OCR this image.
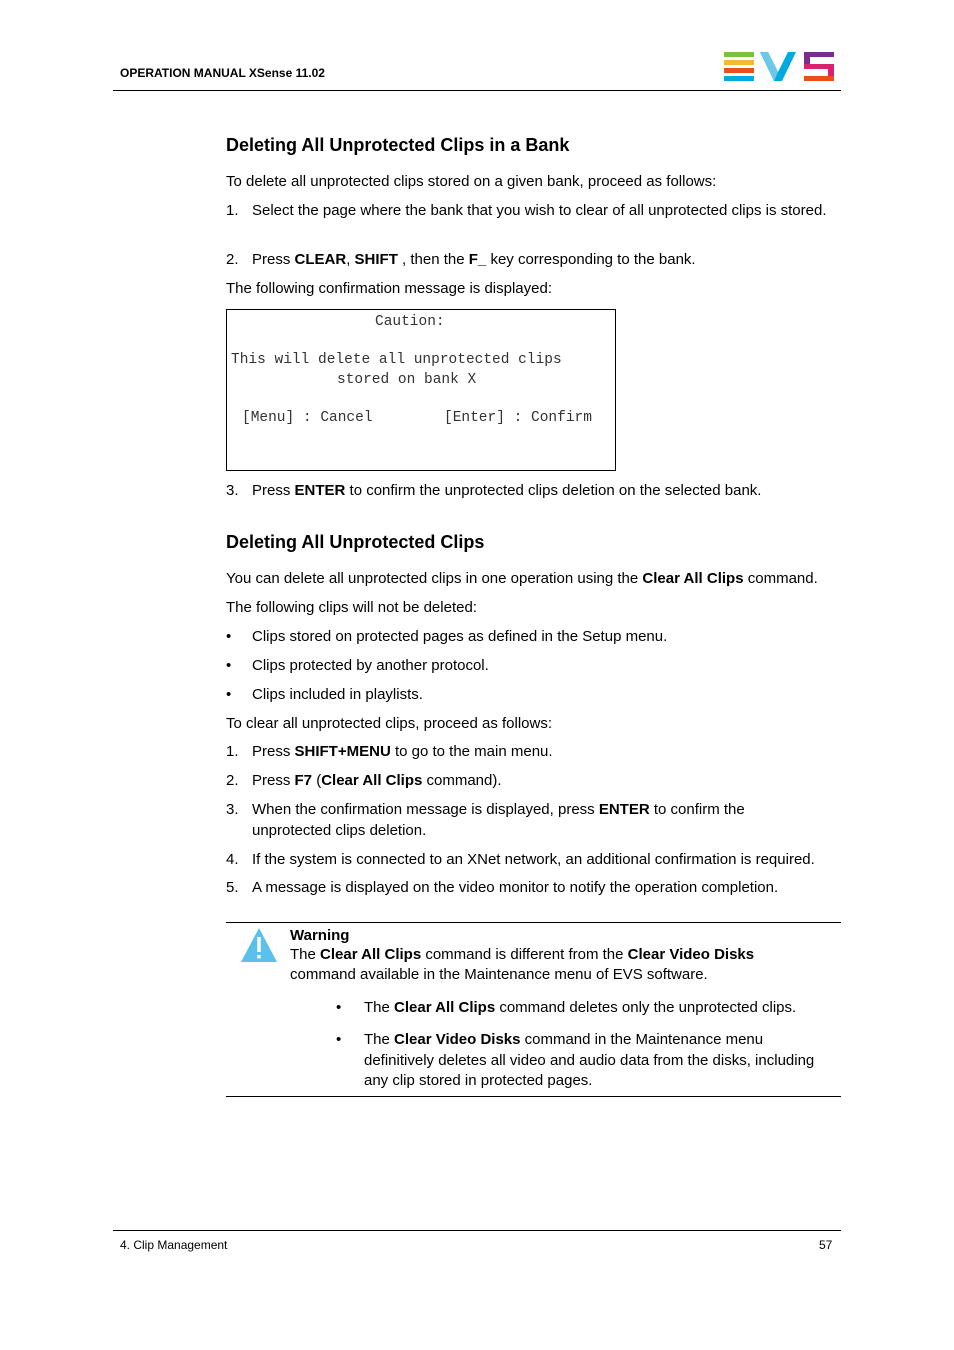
OPERATION MANUAL XSense 11.02
Deleting All Unprotected Clips in a Bank
To delete all unprotected clips stored on a given bank, proceed as follows:
1. Select the page where the bank that you wish to clear of all unprotected clips is stored.
2. Press CLEAR, SHIFT , then the F_ key corresponding to the bank.
The following confirmation message is displayed:
Caution:
This will delete all unprotected clips
stored on bank X
[Menu] : Cancel	[Enter] : Confirm
3. Press ENTER to confirm the unprotected clips deletion on the selected bank.
Deleting All Unprotected Clips
You can delete all unprotected clips in one operation using the Clear All Clips command.
The following clips will not be deleted:
• Clips stored on protected pages as defined in the Setup menu.
• Clips protected by another protocol.
• Clips included in playlists.
To clear all unprotected clips, proceed as follows:
1. Press SHIFT+MENU to go to the main menu.
2. Press F7 (Clear All Clips command).
3. When the confirmation message is displayed, press ENTER to confirm the unprotected clips deletion.
4. If the system is connected to an XNet network, an additional confirmation is required.
5. A message is displayed on the video monitor to notify the operation completion.
Warning
The Clear All Clips command is different from the Clear Video Disks command available in the Maintenance menu of EVS software.
• The Clear All Clips command deletes only the unprotected clips.
• The Clear Video Disks command in the Maintenance menu definitively deletes all video and audio data from the disks, including any clip stored in protected pages.
4. Clip Management	57
